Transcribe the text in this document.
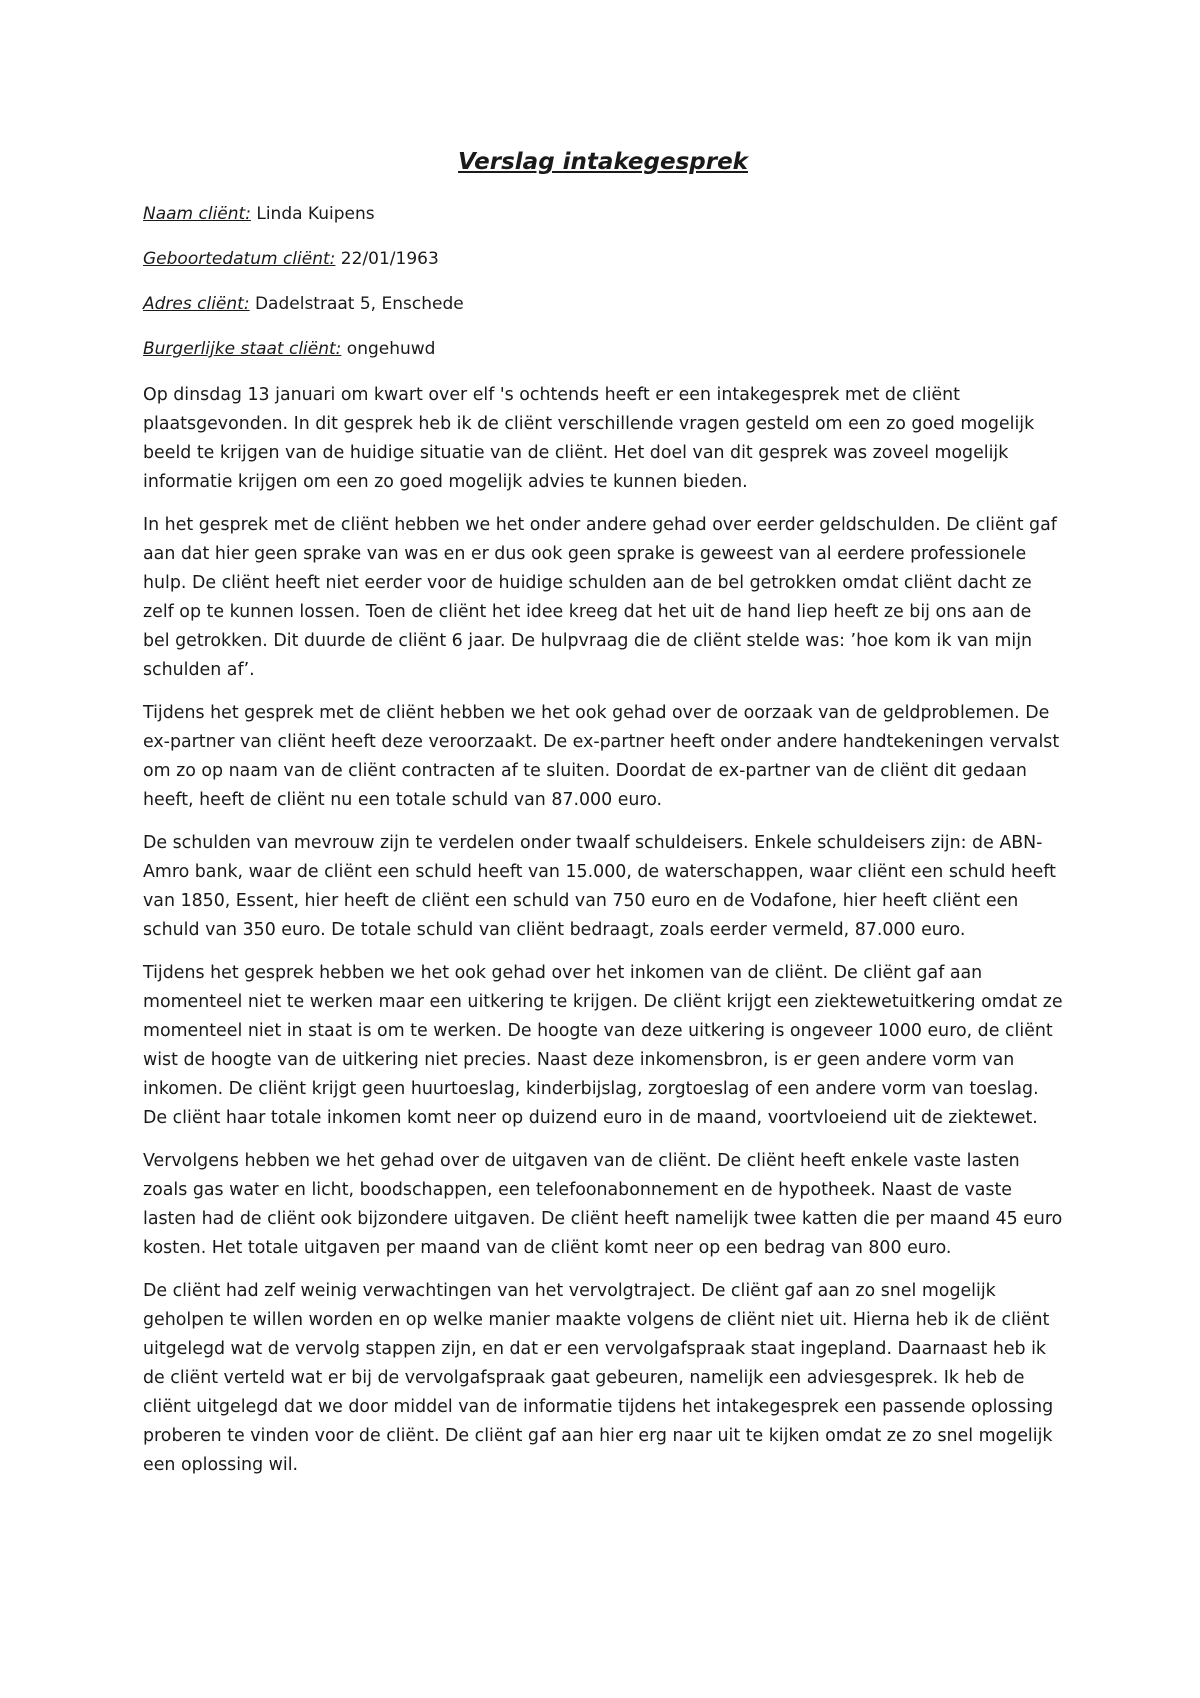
Verslag intakegesprek
Naam cliënt: Linda Kuipens
Geboortedatum cliënt: 22/01/1963
Adres cliënt: Dadelstraat 5, Enschede
Burgerlijke staat cliënt: ongehuwd

Op dinsdag 13 januari om kwart over elf 's ochtends heeft er een intakegesprek met de cliënt plaatsgevonden. In dit gesprek heb ik de cliënt verschillende vragen gesteld om een zo goed mogelijk beeld te krijgen van de huidige situatie van de cliënt. Het doel van dit gesprek was zoveel mogelijk informatie krijgen om een zo goed mogelijk advies te kunnen bieden.

In het gesprek met de cliënt hebben we het onder andere gehad over eerder geldschulden. De cliënt gaf aan dat hier geen sprake van was en er dus ook geen sprake is geweest van al eerdere professionele hulp. De cliënt heeft niet eerder voor de huidige schulden aan de bel getrokken omdat cliënt dacht ze zelf op te kunnen lossen. Toen de cliënt het idee kreeg dat het uit de hand liep heeft ze bij ons aan de bel getrokken. Dit duurde de cliënt 6 jaar. De hulpvraag die de cliënt stelde was: ’hoe kom ik van mijn schulden af’.

Tijdens het gesprek met de cliënt hebben we het ook gehad over de oorzaak van de geldproblemen. De ex-partner van cliënt heeft deze veroorzaakt. De ex-partner heeft onder andere handtekeningen vervalst om zo op naam van de cliënt contracten af te sluiten. Doordat de ex-partner van de cliënt dit gedaan heeft, heeft de cliënt nu een totale schuld van 87.000 euro.

De schulden van mevrouw zijn te verdelen onder twaalf schuldeisers. Enkele schuldeisers zijn: de ABN-Amro bank, waar de cliënt een schuld heeft van 15.000, de waterschappen, waar cliënt een schuld heeft van 1850, Essent, hier heeft de cliënt een schuld van 750 euro en de Vodafone, hier heeft cliënt een schuld van 350 euro. De totale schuld van cliënt bedraagt, zoals eerder vermeld, 87.000 euro.

Tijdens het gesprek hebben we het ook gehad over het inkomen van de cliënt. De cliënt gaf aan momenteel niet te werken maar een uitkering te krijgen. De cliënt krijgt een ziektewetuitkering omdat ze momenteel niet in staat is om te werken. De hoogte van deze uitkering is ongeveer 1000 euro, de cliënt wist de hoogte van de uitkering niet precies. Naast deze inkomensbron, is er geen andere vorm van inkomen. De cliënt krijgt geen huurtoeslag, kinderbijslag, zorgtoeslag of een andere vorm van toeslag. De cliënt haar totale inkomen komt neer op duizend euro in de maand, voortvloeiend uit de ziektewet.

Vervolgens hebben we het gehad over de uitgaven van de cliënt. De cliënt heeft enkele vaste lasten zoals gas water en licht, boodschappen, een telefoonabonnement en de hypotheek. Naast de vaste lasten had de cliënt ook bijzondere uitgaven. De cliënt heeft namelijk twee katten die per maand 45 euro kosten. Het totale uitgaven per maand van de cliënt komt neer op een bedrag van 800 euro.

De cliënt had zelf weinig verwachtingen van het vervolgtraject. De cliënt gaf aan zo snel mogelijk geholpen te willen worden en op welke manier maakte volgens de cliënt niet uit. Hierna heb ik de cliënt uitgelegd wat de vervolg stappen zijn, en dat er een vervolgafspraak staat ingepland. Daarnaast heb ik de cliënt verteld wat er bij de vervolgafspraak gaat gebeuren, namelijk een adviesgesprek. Ik heb de cliënt uitgelegd dat we door middel van de informatie tijdens het intakegesprek een passende oplossing proberen te vinden voor de cliënt. De cliënt gaf aan hier erg naar uit te kijken omdat ze zo snel mogelijk een oplossing wil.
